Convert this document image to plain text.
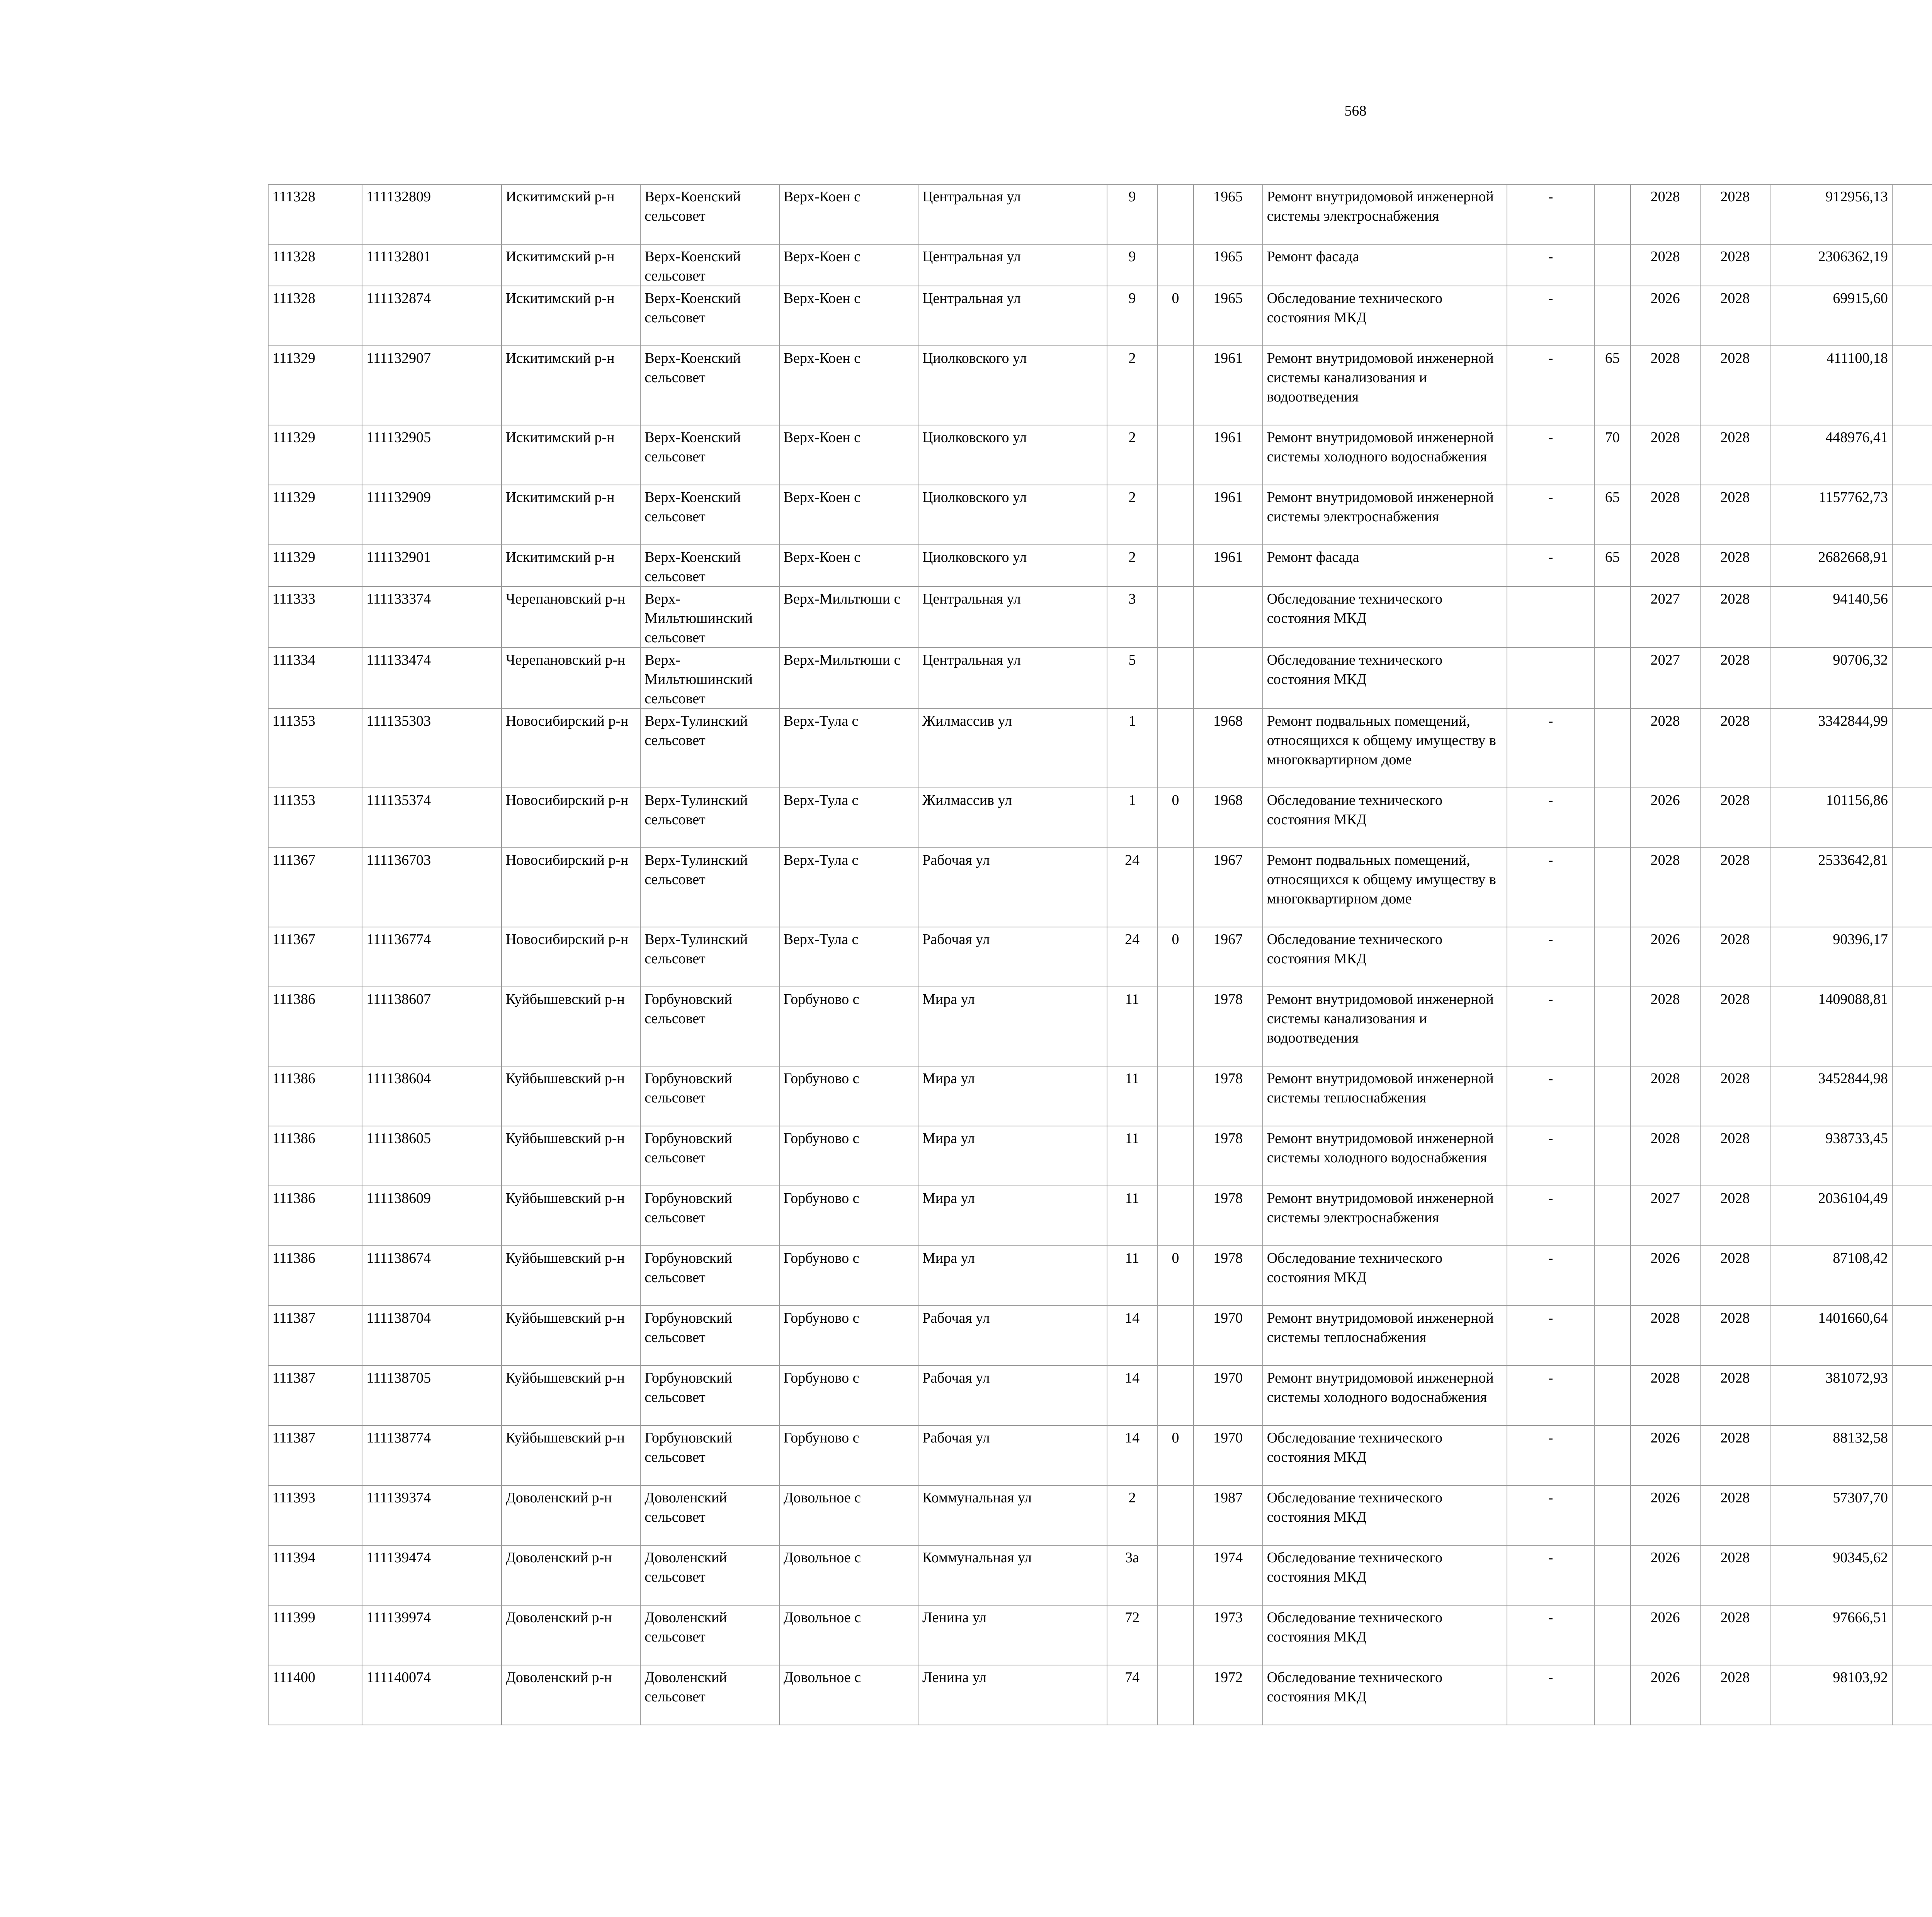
568
111328	111132809	Искитимский р-н	Верх-Коенский сельсовет	Верх-Коен с	Центральная ул	9		1965	Ремонт внутридомовой инженерной системы электроснабжения	-		2028	2028	912956,13							
111328	111132801	Искитимский р-н	Верх-Коенский сельсовет	Верх-Коен с	Центральная ул	9		1965	Ремонт фасада	-		2028	2028	2306362,19							
111328	111132874	Искитимский р-н	Верх-Коенский сельсовет	Верх-Коен с	Центральная ул	9	0	1965	Обследование технического состояния МКД	-		2026	2028	69915,60							
111329	111132907	Искитимский р-н	Верх-Коенский сельсовет	Верх-Коен с	Циолковского ул	2		1961	Ремонт внутридомовой инженерной системы канализования и водоотведения	-	65	2028	2028	411100,18							
111329	111132905	Искитимский р-н	Верх-Коенский сельсовет	Верх-Коен с	Циолковского ул	2		1961	Ремонт внутридомовой инженерной системы холодного водоснабжения	-	70	2028	2028	448976,41							
111329	111132909	Искитимский р-н	Верх-Коенский сельсовет	Верх-Коен с	Циолковского ул	2		1961	Ремонт внутридомовой инженерной системы электроснабжения	-	65	2028	2028	1157762,73							
111329	111132901	Искитимский р-н	Верх-Коенский сельсовет	Верх-Коен с	Циолковского ул	2		1961	Ремонт фасада	-	65	2028	2028	2682668,91							
111333	111133374	Черепановский р-н	Верх-Мильтюшинский сельсовет	Верх-Мильтюши с	Центральная ул	3			Обследование технического состояния МКД			2027	2028	94140,56							
111334	111133474	Черепановский р-н	Верх-Мильтюшинский сельсовет	Верх-Мильтюши с	Центральная ул	5			Обследование технического состояния МКД			2027	2028	90706,32							
111353	111135303	Новосибирский р-н	Верх-Тулинский сельсовет	Верх-Тула с	Жилмассив ул	1		1968	Ремонт подвальных помещений, относящихся к общему имуществу в многоквартирном доме	-		2028	2028	3342844,99							
111353	111135374	Новосибирский р-н	Верх-Тулинский сельсовет	Верх-Тула с	Жилмассив ул	1	0	1968	Обследование технического состояния МКД	-		2026	2028	101156,86							
111367	111136703	Новосибирский р-н	Верх-Тулинский сельсовет	Верх-Тула с	Рабочая ул	24		1967	Ремонт подвальных помещений, относящихся к общему имуществу в многоквартирном доме	-		2028	2028	2533642,81							
111367	111136774	Новосибирский р-н	Верх-Тулинский сельсовет	Верх-Тула с	Рабочая ул	24	0	1967	Обследование технического состояния МКД	-		2026	2028	90396,17							
111386	111138607	Куйбышевский р-н	Горбуновский сельсовет	Горбуново с	Мира ул	11		1978	Ремонт внутридомовой инженерной системы канализования и водоотведения	-		2028	2028	1409088,81							
111386	111138604	Куйбышевский р-н	Горбуновский сельсовет	Горбуново с	Мира ул	11		1978	Ремонт внутридомовой инженерной системы теплоснабжения	-		2028	2028	3452844,98							
111386	111138605	Куйбышевский р-н	Горбуновский сельсовет	Горбуново с	Мира ул	11		1978	Ремонт внутридомовой инженерной системы холодного водоснабжения	-		2028	2028	938733,45							
111386	111138609	Куйбышевский р-н	Горбуновский сельсовет	Горбуново с	Мира ул	11		1978	Ремонт внутридомовой инженерной системы электроснабжения	-		2027	2028	2036104,49							
111386	111138674	Куйбышевский р-н	Горбуновский сельсовет	Горбуново с	Мира ул	11	0	1978	Обследование технического состояния МКД	-		2026	2028	87108,42							
111387	111138704	Куйбышевский р-н	Горбуновский сельсовет	Горбуново с	Рабочая ул	14		1970	Ремонт внутридомовой инженерной системы теплоснабжения	-		2028	2028	1401660,64							
111387	111138705	Куйбышевский р-н	Горбуновский сельсовет	Горбуново с	Рабочая ул	14		1970	Ремонт внутридомовой инженерной системы холодного водоснабжения	-		2028	2028	381072,93							
111387	111138774	Куйбышевский р-н	Горбуновский сельсовет	Горбуново с	Рабочая ул	14	0	1970	Обследование технического состояния МКД	-		2026	2028	88132,58							
111393	111139374	Доволенский р-н	Доволенский сельсовет	Довольное с	Коммунальная ул	2		1987	Обследование технического состояния МКД	-		2026	2028	57307,70							
111394	111139474	Доволенский р-н	Доволенский сельсовет	Довольное с	Коммунальная ул	3а		1974	Обследование технического состояния МКД	-		2026	2028	90345,62							
111399	111139974	Доволенский р-н	Доволенский сельсовет	Довольное с	Ленина ул	72		1973	Обследование технического состояния МКД	-		2026	2028	97666,51							
111400	111140074	Доволенский р-н	Доволенский сельсовет	Довольное с	Ленина ул	74		1972	Обследование технического состояния МКД	-		2026	2028	98103,92							
